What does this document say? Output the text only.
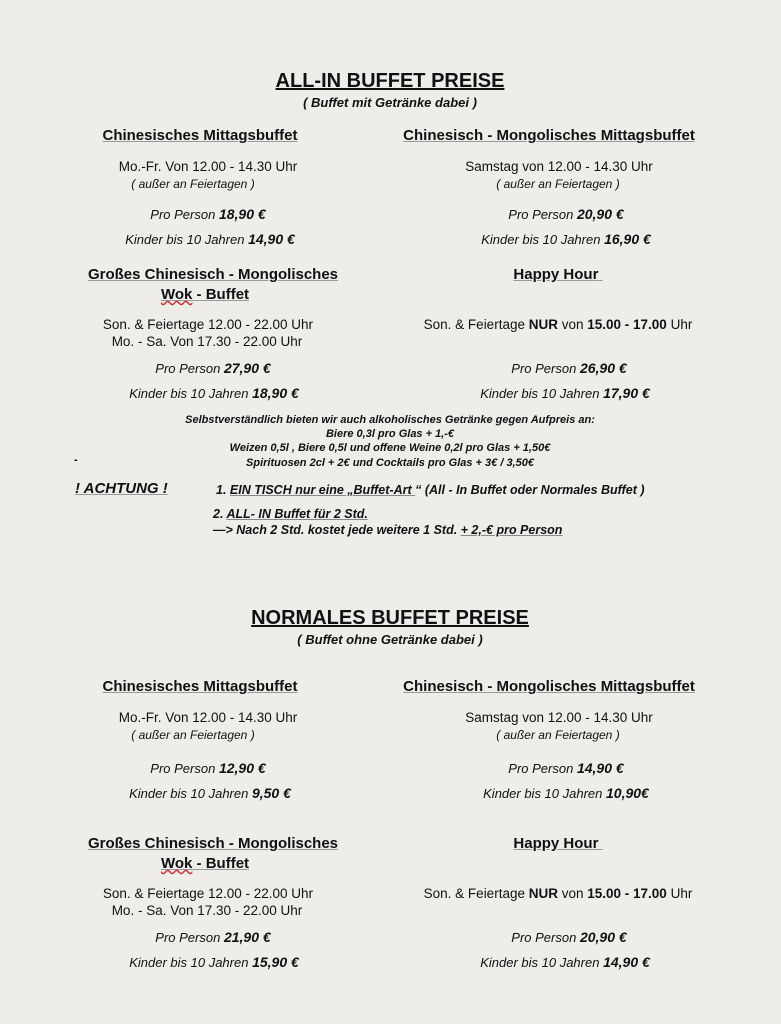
ALL-IN BUFFET PREISE
( Buffet mit Getränke dabei )
Chinesisches Mittagsbuffet	Chinesisch - Mongolisches Mittagsbuffet
Mo.-Fr. Von 12.00 - 14.30 Uhr
( außer an Feiertagen )
Samstag von 12.00 - 14.30 Uhr
( außer an Feiertagen )
Pro Person 18,90 €	Pro Person 20,90 €
Kinder bis 10 Jahren 14,90 €	Kinder bis 10 Jahren 16,90 €
Großes Chinesisch - Mongolisches
Wok - Buffet
Happy Hour
Son. & Feiertage 12.00 - 22.00 Uhr
Mo. - Sa. Von 17.30 - 22.00 Uhr
Son. & Feiertage NUR von 15.00 - 17.00 Uhr
Pro Person 27,90 €	Pro Person 26,90 €
Kinder bis 10 Jahren 18,90 €	Kinder bis 10 Jahren 17,90 €
NORMALES BUFFET PREISE
( Buffet ohne Getränke dabei )
Chinesisches Mittagsbuffet	Chinesisch - Mongolisches Mittagsbuffet
Mo.-Fr. Von 12.00 - 14.30 Uhr
( außer an Feiertagen )
Samstag von 12.00 - 14.30 Uhr
( außer an Feiertagen )
Pro Person 12,90 €	Pro Person 14,90 €
Kinder bis 10 Jahren 9,50 €	Kinder bis 10 Jahren 10,90€
Großes Chinesisch - Mongolisches
Wok - Buffet
Happy Hour
Son. & Feiertage 12.00 - 22.00 Uhr
Mo. - Sa. Von 17.30 - 22.00 Uhr
Son. & Feiertage NUR von 15.00 - 17.00 Uhr
Pro Person 21,90 €	Pro Person 20,90 €
Kinder bis 10 Jahren 15,90 €	Kinder bis 10 Jahren 14,90 €
Selbstverständlich bieten wir auch alkoholisches Getränke gegen Aufpreis an:
Biere 0,3l pro Glas + 1,-€
Weizen 0,5l , Biere 0,5l und offene Weine 0,2l pro Glas + 1,50€
Spirituosen 2cl + 2€ und Cocktails pro Glas + 3€ / 3,50€
-
! ACHTUNG !	1. EIN TISCH nur eine „Buffet-Art “ (All - In Buffet oder Normales Buffet )
2. ALL- IN Buffet für 2 Std.
—> Nach 2 Std. kostet jede weitere 1 Std. + 2,-€ pro Person
